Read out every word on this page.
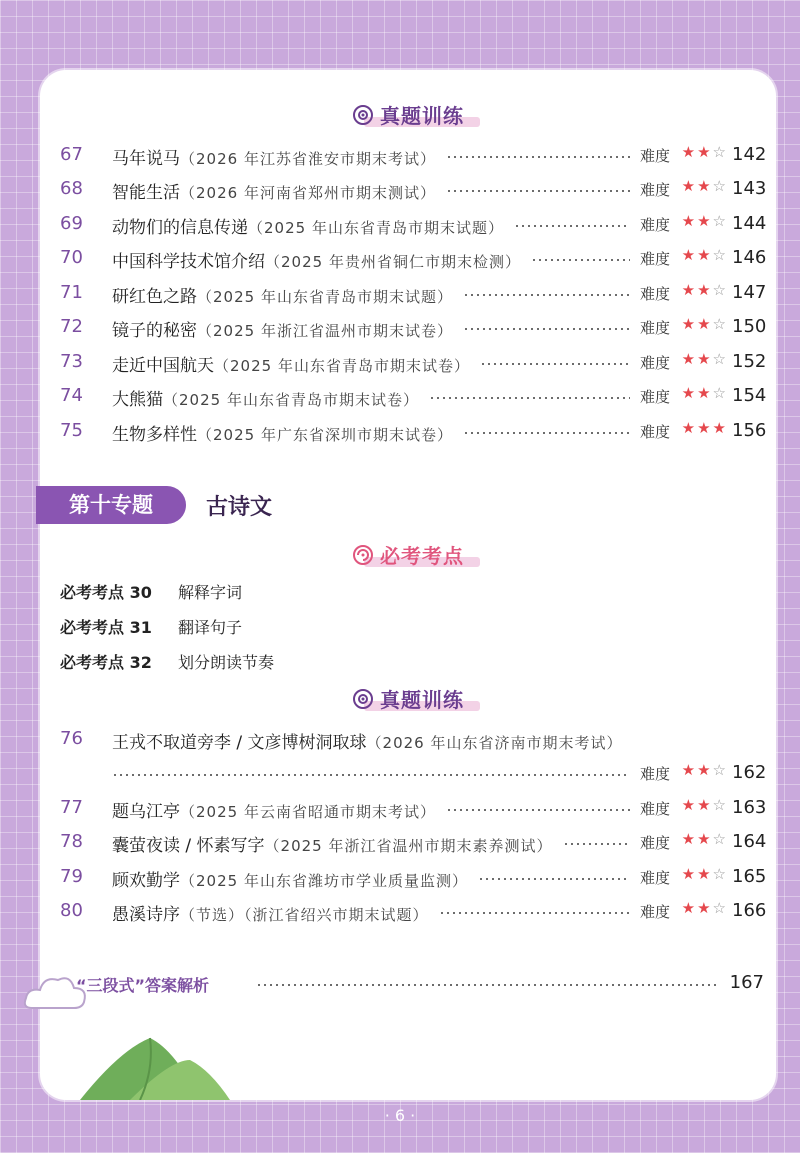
真题训练
67	马年说马（2026 年江苏省淮安市期末考试）	难度 ★★☆ 142
68	智能生活（2026 年河南省郑州市期末测试）	难度 ★★☆ 143
69	动物们的信息传递（2025 年山东省青岛市期末试题）	难度 ★★☆ 144
70	中国科学技术馆介绍（2025 年贵州省铜仁市期末检测）	难度 ★★☆ 146
71	研红色之路（2025 年山东省青岛市期末试题）	难度 ★★☆ 147
72	镜子的秘密（2025 年浙江省温州市期末试卷）	难度 ★★☆ 150
73	走近中国航天（2025 年山东省青岛市期末试卷）	难度 ★★☆ 152
74	大熊猫（2025 年山东省青岛市期末试卷）	难度 ★★☆ 154
75	生物多样性（2025 年广东省深圳市期末试卷）	难度 ★★★ 156
第十专题	古诗文
必考考点
必考考点 30 解释字词
必考考点 31 翻译句子
必考考点 32 划分朗读节奏
真题训练
76	王戎不取道旁李 / 文彦博树洞取球（2026 年山东省济南市期末考试）
难度 ★★☆ 162
77	题乌江亭（2025 年云南省昭通市期末考试）	难度 ★★☆ 163
78	囊萤夜读 / 怀素写字（2025 年浙江省温州市期末素养测试）	难度 ★★☆ 164
79	顾欢勤学（2025 年山东省潍坊市学业质量监测）	难度 ★★☆ 165
80	愚溪诗序（节选）（浙江省绍兴市期末试题）	难度 ★★☆ 166
“三段式”答案解析	167
· 6 ·
